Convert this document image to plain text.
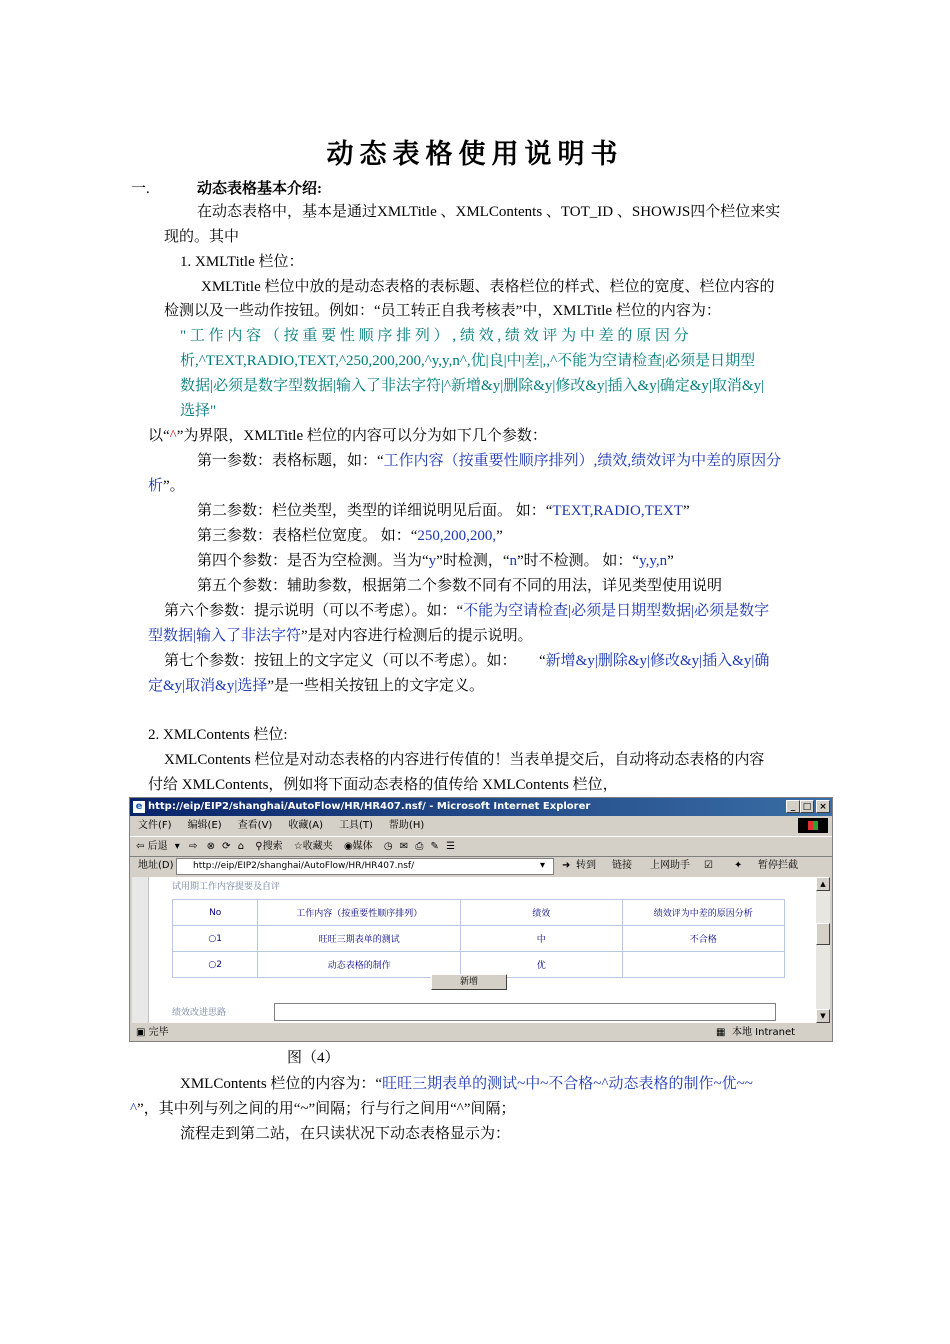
动态表格使用说明书
一.	动态表格基本介绍:
在动态表格中，基本是通过XMLTitle 、XMLContents 、TOT_ID 、SHOWJS四个栏位来实
现的。其中
1. XMLTitle 栏位：
XMLTitle 栏位中放的是动态表格的表标题、表格栏位的样式、栏位的宽度、栏位内容的
检测以及一些动作按钮。例如：“员工转正自我考核表”中，XMLTitle 栏位的内容为：
" 工 作 内 容 （ 按 重 要 性 顺 序 排 列 ） , 绩 效 , 绩 效 评 为 中 差 的 原 因 分
析,^TEXT,RADIO,TEXT,^250,200,200,^y,y,n^,优|良|中|差|,,^不能为空请检查|必须是日期型
数据|必须是数字型数据|输入了非法字符|^新增&y|删除&y|修改&y|插入&y|确定&y|取消&y|
选择"
以“^”为界限，XMLTitle 栏位的内容可以分为如下几个参数：
第一参数：表格标题，如：“工作内容（按重要性顺序排列）,绩效,绩效评为中差的原因分
析”。
第二参数：栏位类型，类型的详细说明见后面。 如：“TEXT,RADIO,TEXT”
第三参数：表格栏位宽度。 如：“250,200,200,”
第四个参数：是否为空检测。当为“y”时检测，“n”时不检测。 如：“y,y,n”
第五个参数：辅助参数，根据第二个参数不同有不同的用法，详见类型使用说明
第六个参数：提示说明（可以不考虑）。如：“不能为空请检查|必须是日期型数据|必须是数字
型数据|输入了非法字符”是对内容进行检测后的提示说明。
第七个参数：按钮上的文字定义（可以不考虑）。如：　　“新增&y|删除&y|修改&y|插入&y|确
定&y|取消&y|选择”是一些相关按钮上的文字定义。
2. XMLContents 栏位:
XMLContents 栏位是对动态表格的内容进行传值的！当表单提交后，自动将动态表格的内容
付给 XMLContents，例如将下面动态表格的值传给 XMLContents 栏位，
e http://eip/EIP2/shanghai/AutoFlow/HR/HR407.nsf/ - Microsoft Internet Explorer	_ □ ×
文件(F) 编辑(E) 查看(V) 收藏(A) 工具(T) 帮助(H)
⇦ 后退 ▾ ⇨ ⊗ ⟳ ⌂ ⚲搜索 ☆收藏夹 ◉媒体 ◷ ✉ ⎙ ✎ ☰
地址(D)	http://eip/EIP2/shanghai/AutoFlow/HR/HR407.nsf/	▾ ➜ 转到 链接 上网助手 ☑ ✦ 暂停拦截
试用期工作内容提要及自评
No	工作内容（按重要性顺序排列）	绩效	绩效评为中差的原因分析
○1	旺旺三期表单的测试	中	不合格
○2	动态表格的制作	优	
新增
绩效改进思路
▲
▼
▣ 完毕	▦ 本地 Intranet
图（4）
XMLContents 栏位的内容为：“旺旺三期表单的测试~中~不合格~^动态表格的制作~优~~
^”，其中列与列之间的用“~”间隔；行与行之间用“^”间隔；
流程走到第二站，在只读状况下动态表格显示为：
